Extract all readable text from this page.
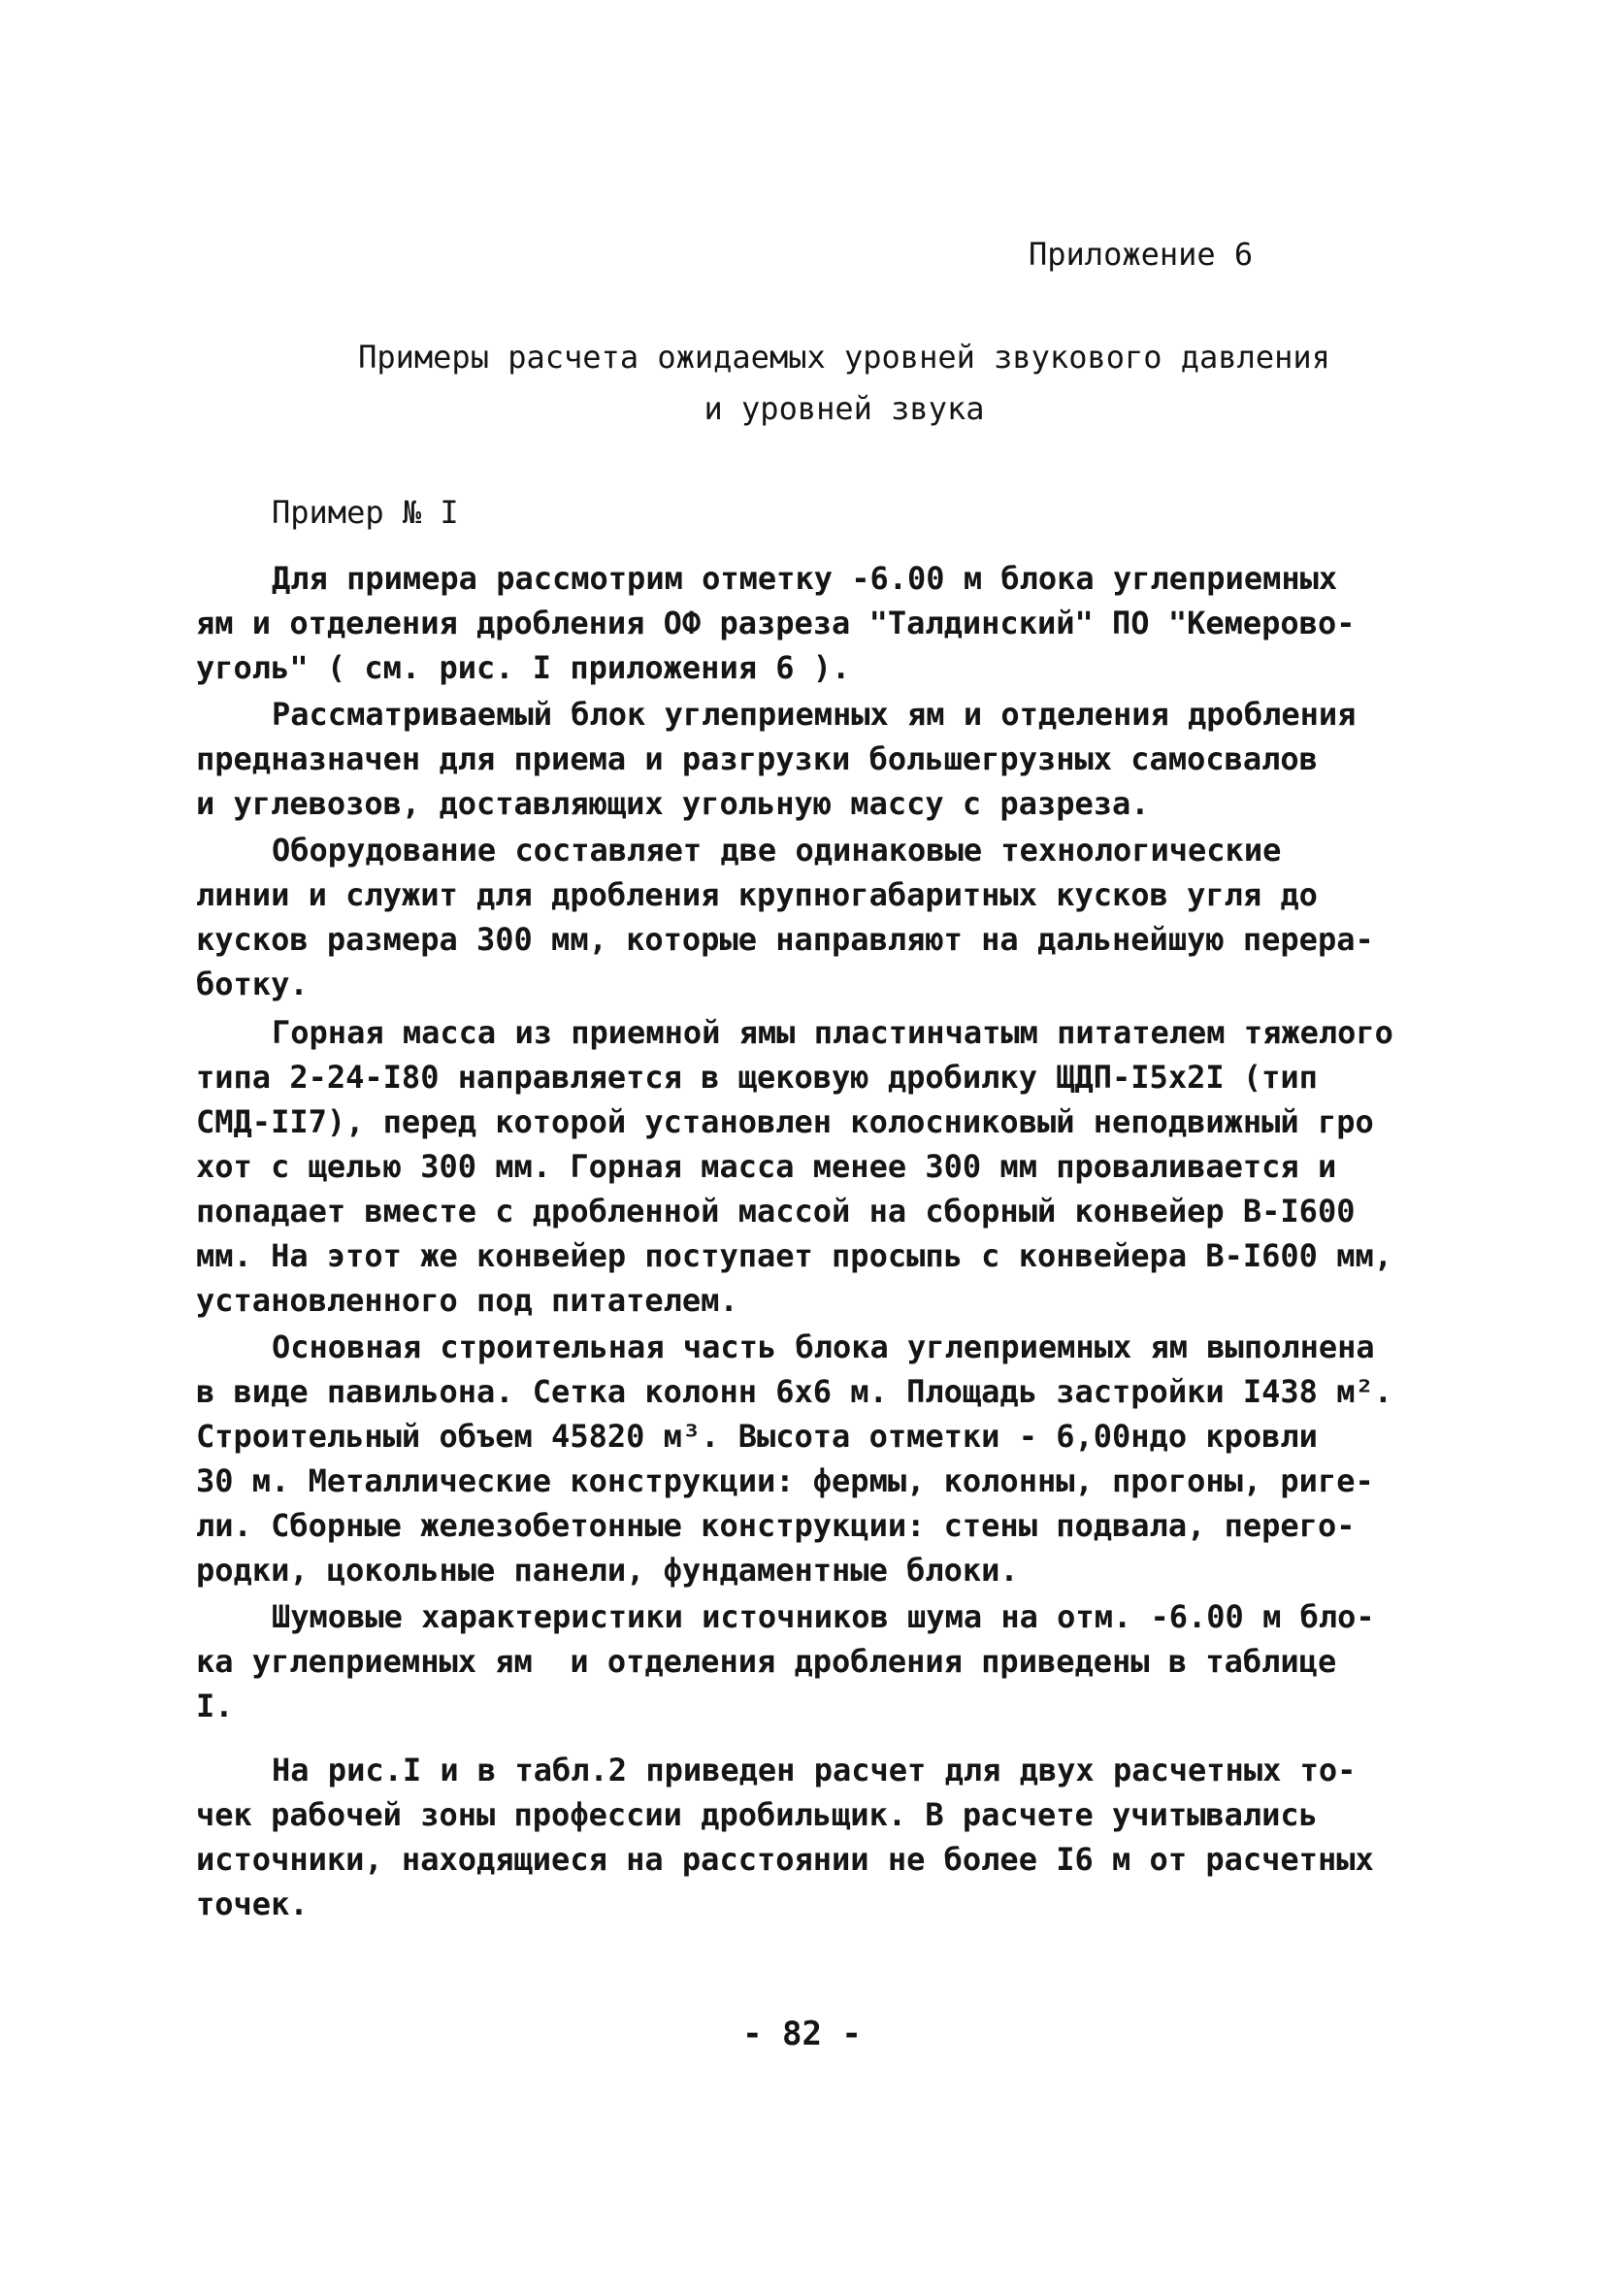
Приложение 6
Примеры расчета ожидаемых уровней звукового давления
и уровней звука
Пример № I
Для примера рассмотрим отметку -6.00 м блока углеприемных
ям и отделения дробления ОФ разреза "Талдинский" ПО "Кемерово-
уголь" ( см. рис. I приложения 6 ).
Рассматриваемый блок углеприемных ям и отделения дробления
предназначен для приема и разгрузки большегрузных самосвалов
и углевозов, доставляющих угольную массу с разреза.
Оборудование составляет две одинаковые технологические
линии и служит для дробления крупногабаритных кусков угля до
кусков размера 300 мм, которые направляют на дальнейшую перера-
ботку.
Горная масса из приемной ямы пластинчатым питателем тяжелого
типа 2-24-I80 направляется в щековую дробилку ЩДП-I5х2I (тип
СМД-II7), перед которой установлен колосниковый неподвижный гро
хот с щелью 300 мм. Горная масса менее 300 мм проваливается и
попадает вместе с дробленной массой на сборный конвейер В-I600
мм. На этот же конвейер поступает просыпь с конвейера В-I600 мм,
установленного под питателем.
Основная строительная часть блока углеприемных ям выполнена
в виде павильона. Сетка колонн 6х6 м. Площадь застройки I438 м².
Строительный объем 45820 м³. Высота отметки - 6,00ндо кровли
30 м. Металлические конструкции: фермы, колонны, прогоны, риге-
ли. Сборные железобетонные конструкции: стены подвала, перего-
родки, цокольные панели, фундаментные блоки.
Шумовые характеристики источников шума на отм. -6.00 м бло-
ка углеприемных ям  и отделения дробления приведены в таблице
I.
На рис.I и в табл.2 приведен расчет для двух расчетных то-
чек рабочей зоны профессии дробильщик. В расчете учитывались
источники, находящиеся на расстоянии не более I6 м от расчетных
точек.
- 82 -
